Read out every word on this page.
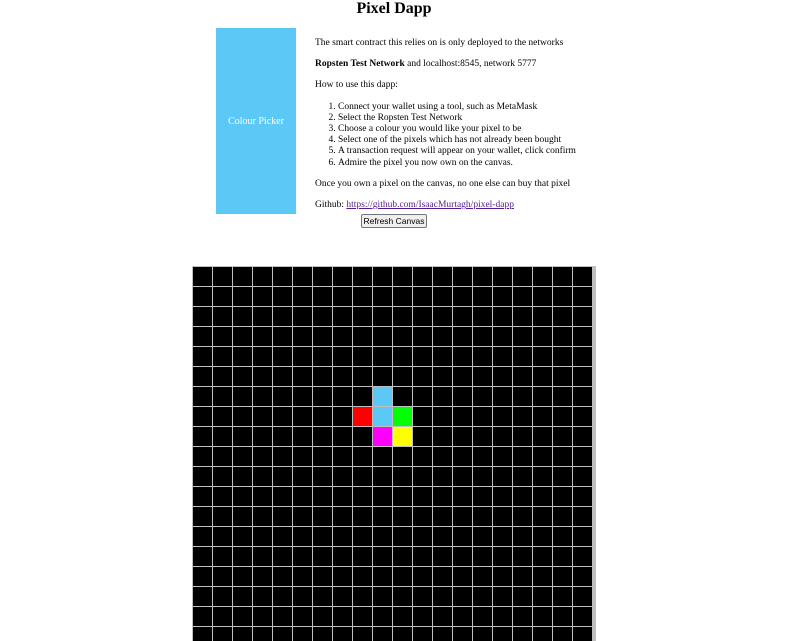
Pixel Dapp
Colour Picker

The smart contract this relies on is only deployed to the networks

Ropsten Test Network and localhost:8545, network 5777

How to use this dapp:

1. Connect your wallet using a tool, such as MetaMask
2. Select the Ropsten Test Network
3. Choose a colour you would like your pixel to be
4. Select one of the pixels which has not already been bought
5. A transaction request will appear on your wallet, click confirm
6. Admire the pixel you now own on the canvas.

Once you own a pixel on the canvas, no one else can buy that pixel

Github: https://github.com/IsaacMurtagh/pixel-dapp

Refresh Canvas
